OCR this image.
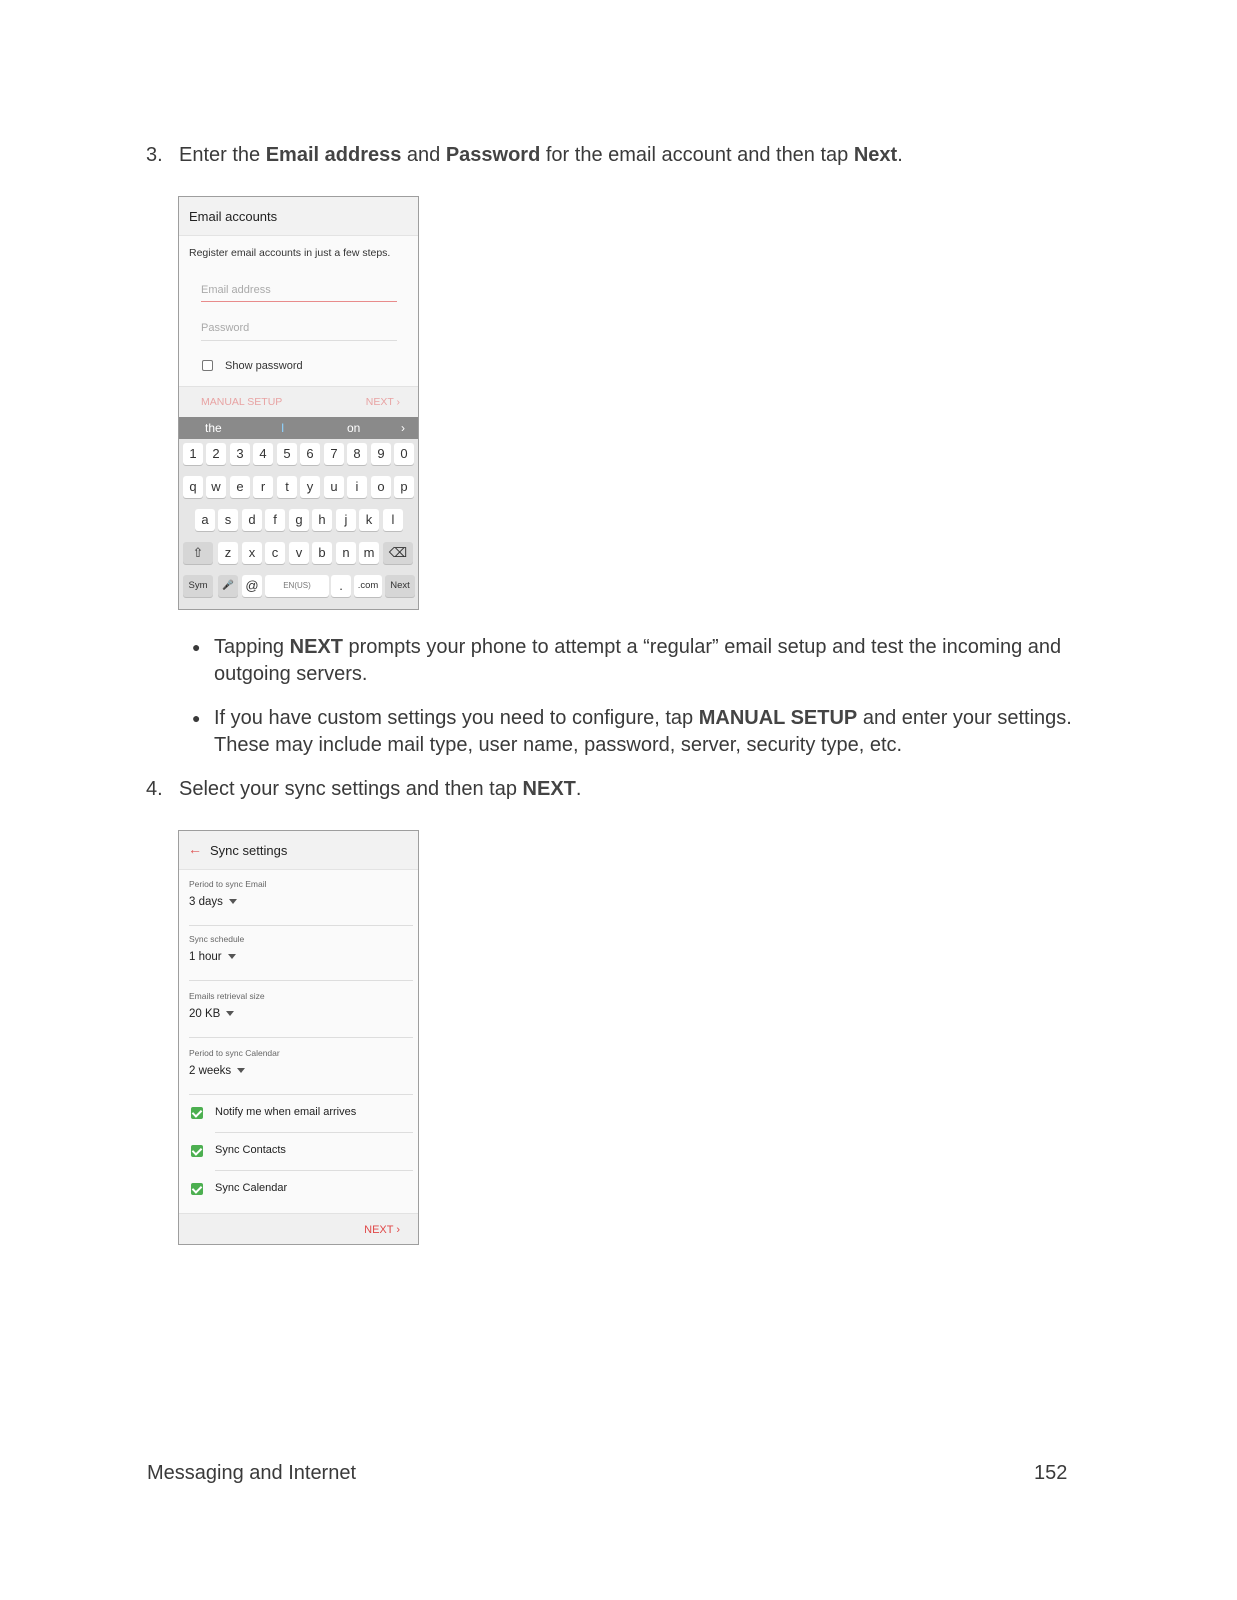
3. Enter the Email address and Password for the email account and then tap Next.
Email accounts
Register email accounts in just a few steps.
Email address
Password
Show password
MANUAL SETUP	NEXT ›
the	I	on	›
1	2	3	4	5	6	7	8	9	0
q	w	e	r	t	y	u	i	o	p
a	s	d	f	g	h	j	k	l
⇧	z	x	c	v	b	n	m	⌫
Sym	🎤 @	EN(US)	.	.com	Next
● Tapping NEXT prompts your phone to attempt a “regular” email setup and test the incoming and outgoing servers.
● If you have custom settings you need to configure, tap MANUAL SETUP and enter your settings. These may include mail type, user name, password, server, security type, etc.
4. Select your sync settings and then tap NEXT.
← Sync settings
Period to sync Email
3 days
Sync schedule
1 hour
Emails retrieval size
20 KB
Period to sync Calendar
2 weeks
Notify me when email arrives
Sync Contacts
Sync Calendar
NEXT ›
Messaging and Internet	152
